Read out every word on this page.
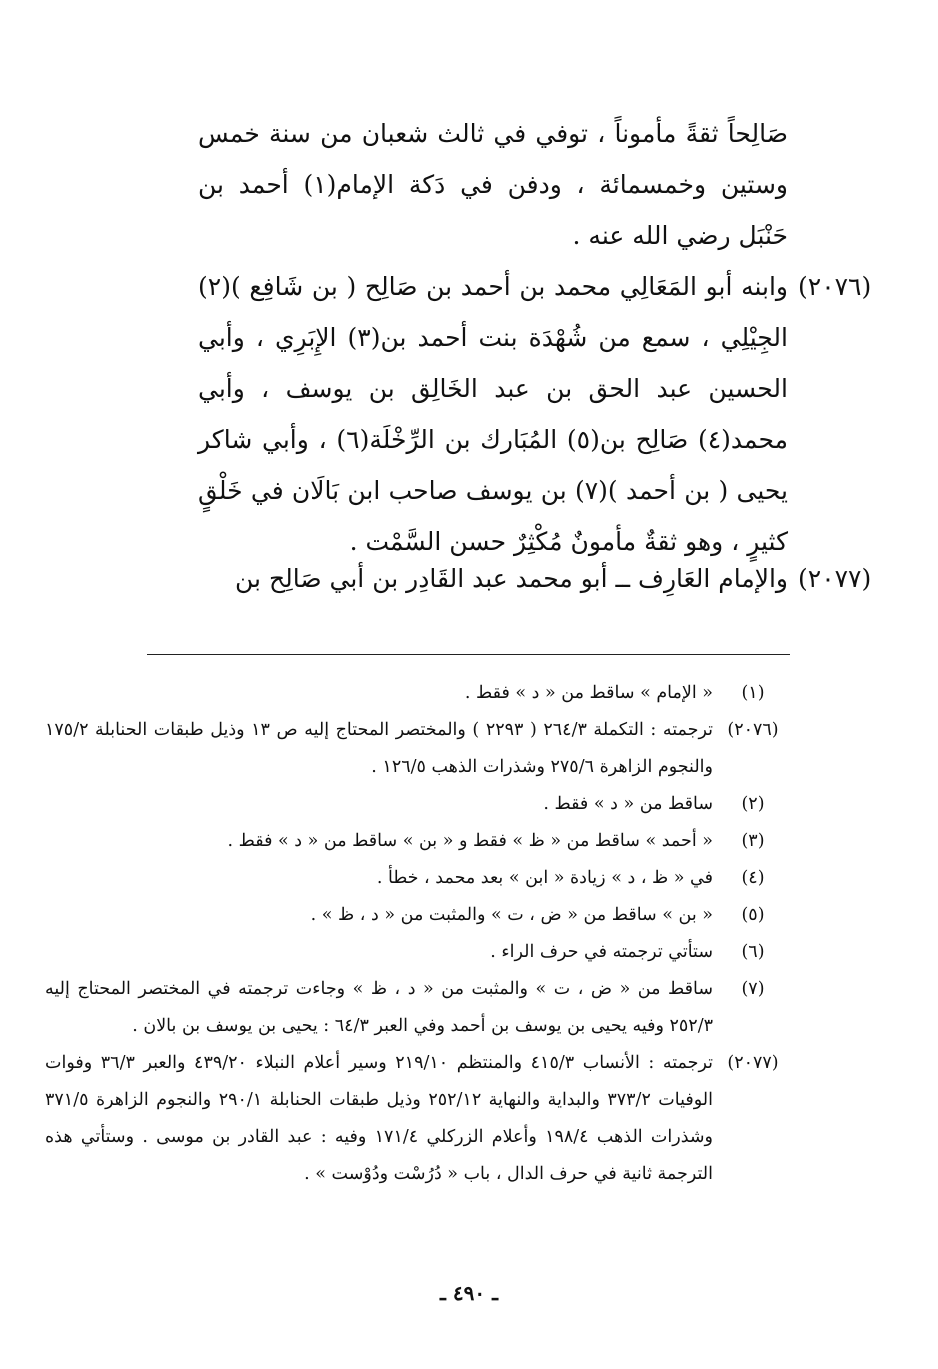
صَالِحاً ثقةً مأموناً ، توفي في ثالث شعبان من سنة خمس وستين وخمسمائة ، ودفن في دَكة الإمام(١) أحمد بن حَنْبَل رضي الله عنه .

(٢٠٧٦)

وابنه أبو المَعَالِي محمد بن أحمد بن صَالِح ( بن شَافِع )(٢) الجِيْلِي ، سمع من شُهْدَة بنت أحمد بن(٣) الإِبَرِي ، وأبي الحسين عبد الحق بن عبد الخَالِق بن يوسف ، وأبي محمد(٤) صَالِح بن(٥) المُبَارك بن الرِّخْلَة(٦) ، وأبي شاكر يحيى ( بن أحمد )(٧) بن يوسف صاحب ابن بَالَان في خَلْقٍ كثيرٍ ، وهو ثقةٌ مأمونٌ مُكْثِرٌ حسن السَّمْت .

(٢٠٧٧)

والإمام العَارِف ــ أبو محمد عبد القَادِر بن أبي صَالِح بن

(١)
« الإمام » ساقط من « د » فقط .
(٢٠٧٦)
ترجمته : التكملة ٢٦٤/٣ ( ٢٢٩٣ ) والمختصر المحتاج إليه ص ١٣ وذيل طبقات الحنابلة ١٧٥/٢ والنجوم الزاهرة ٢٧٥/٦ وشذرات الذهب ١٢٦/٥ .
(٢)
ساقط من « د » فقط .
(٣)
« أحمد » ساقط من « ظ » فقط و « بن » ساقط من « د » فقط .
(٤)
في « ظ ، د » زيادة « ابن » بعد محمد ، خطأ .
(٥)
« بن » ساقط من « ض ، ت » والمثبت من « د ، ظ » .
(٦)
ستأتي ترجمته في حرف الراء .
(٧)
ساقط من « ض ، ت » والمثبت من « د ، ظ » وجاءت ترجمته في المختصر المحتاج إليه ٢٥٢/٣ وفيه يحيى بن يوسف بن أحمد وفي العبر ٦٤/٣ : يحيى بن يوسف بن بالان .
(٢٠٧٧)
ترجمته : الأنساب ٤١٥/٣ والمنتظم ٢١٩/١٠ وسير أعلام النبلاء ٤٣٩/٢٠ والعبر ٣٦/٣ وفوات الوفيات ٣٧٣/٢ والبداية والنهاية ٢٥٢/١٢ وذيل طبقات الحنابلة ٢٩٠/١ والنجوم الزاهرة ٣٧١/٥ وشذرات الذهب ١٩٨/٤ وأعلام الزركلي ١٧١/٤ وفيه : عبد القادر بن موسى . وستأتي هذه الترجمة ثانية في حرف الدال ، باب « دُرُسْت ودُوْست » .
ـ ٤٩٠ ـ
